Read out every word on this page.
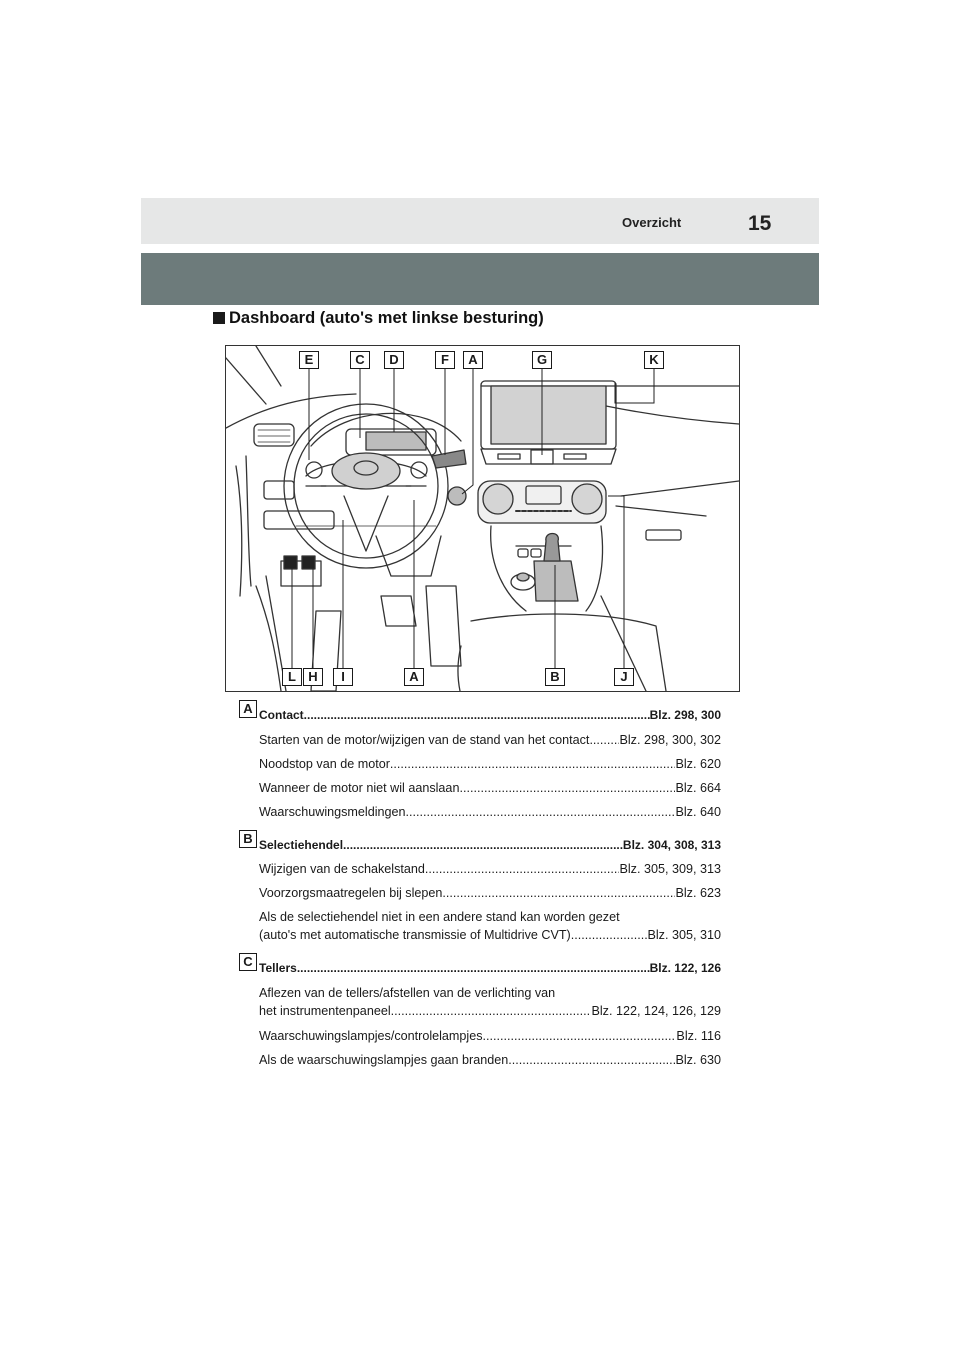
Overzicht	15
Dashboard (auto's met linkse besturing)
E	C	D	F	A	G	K
L H	I	A	B	J
A Contact .....	Blz. 298, 300
Starten van de motor/wijzigen van de stand van het contact ..... Blz. 298, 300, 302
Noodstop van de motor .....	Blz. 620
Wanneer de motor niet wil aanslaan .....	Blz. 664
Waarschuwingsmeldingen .....	Blz. 640
B Selectiehendel .....	Blz. 304, 308, 313
Wijzigen van de schakelstand .....	Blz. 305, 309, 313
Voorzorgsmaatregelen bij slepen .....	Blz. 623
Als de selectiehendel niet in een andere stand kan worden gezet
(auto's met automatische transmissie of Multidrive CVT) .....	Blz. 305, 310
C Tellers .....	Blz. 122, 126
Aflezen van de tellers/afstellen van de verlichting van
het instrumentenpaneel .....	Blz. 122, 124, 126, 129
Waarschuwingslampjes/controlelampjes .....	Blz. 116
Als de waarschuwingslampjes gaan branden .....	Blz. 630
